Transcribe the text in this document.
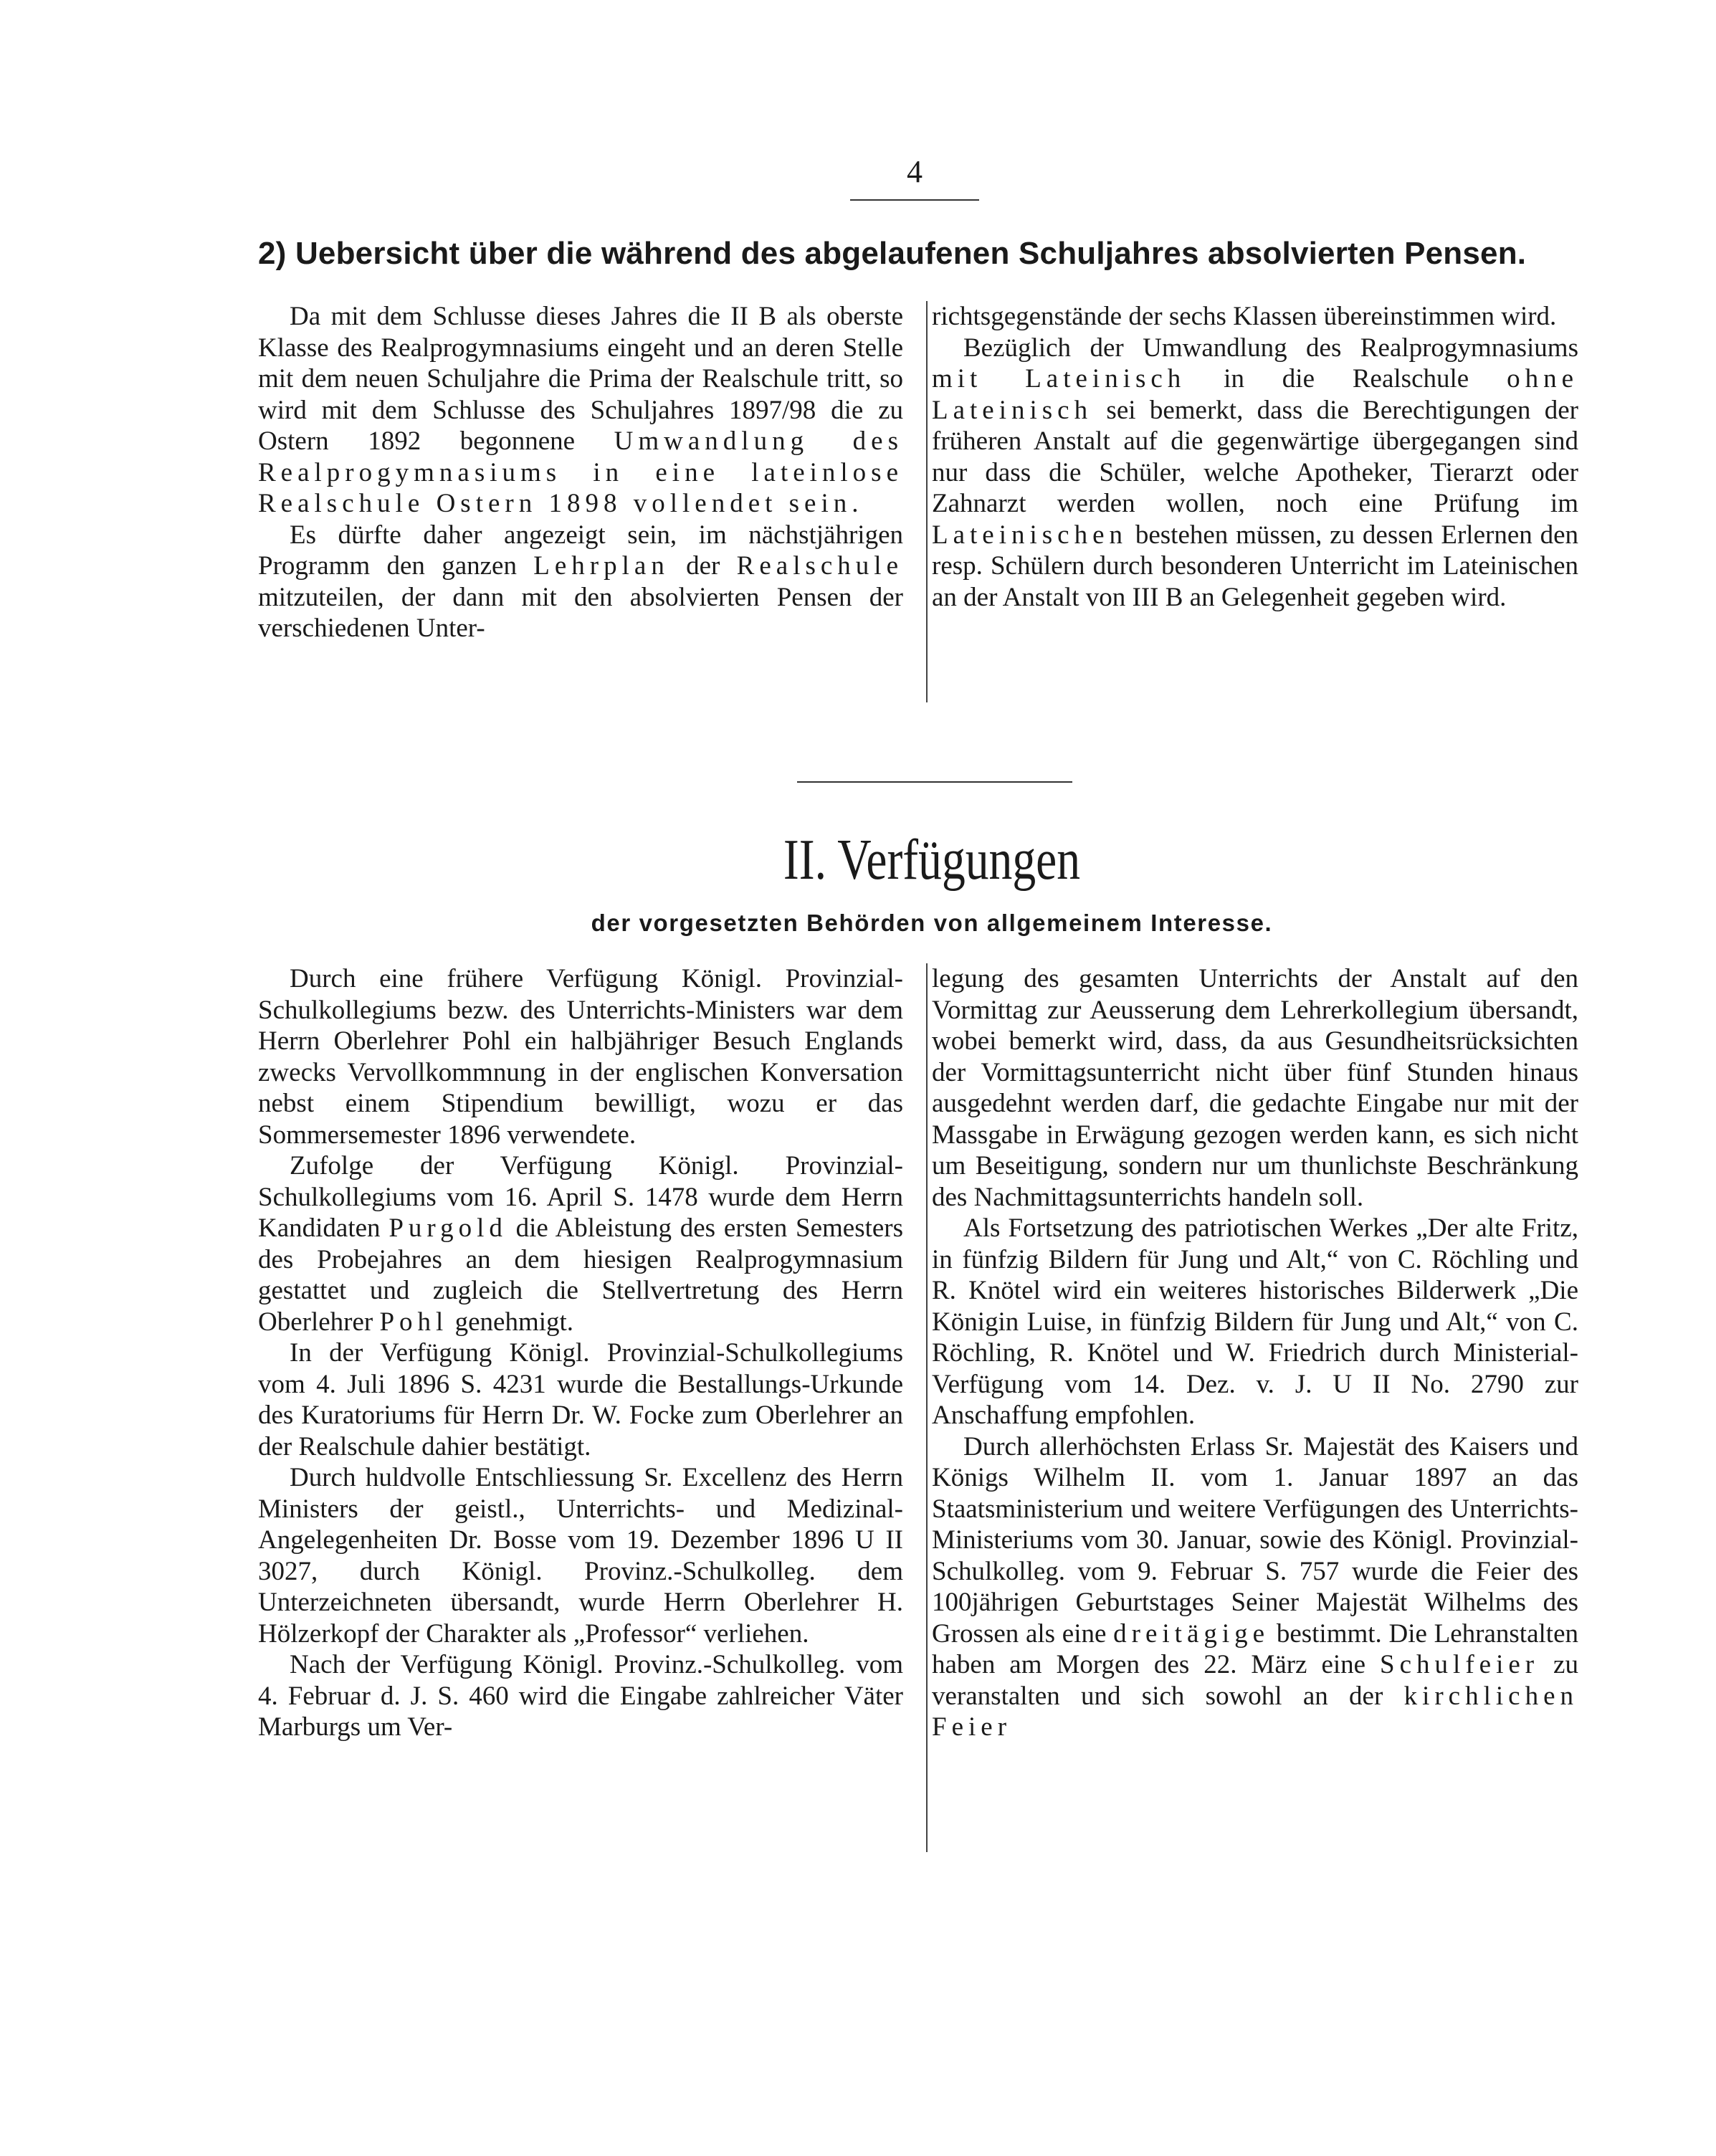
4
2) Uebersicht über die während des abgelaufenen Schuljahres absolvierten Pensen.

Da mit dem Schlusse dieses Jahres die II B als oberste Klasse des Realprogymnasiums eingeht und an deren Stelle mit dem neuen Schuljahre die Prima der Realschule tritt, so wird mit dem Schlusse des Schuljahres 1897/98 die zu Ostern 1892 begonnene Umwandlung des Realprogymnasiums in eine lateinlose Realschule Ostern 1898 vollendet sein.

Es dürfte daher angezeigt sein, im nächstjährigen Programm den ganzen Lehrplan der Realschule mitzuteilen, der dann mit den absolvierten Pensen der verschiedenen Unter-

richtsgegenstände der sechs Klassen übereinstimmen wird.

Bezüglich der Umwandlung des Realprogymnasiums mit Lateinisch in die Realschule ohne Lateinisch sei bemerkt, dass die Berechtigungen der früheren Anstalt auf die gegenwärtige übergegangen sind nur dass die Schüler, welche Apotheker, Tierarzt oder Zahnarzt werden wollen, noch eine Prüfung im Lateinischen bestehen müssen, zu dessen Erlernen den resp. Schülern durch besonderen Unterricht im Lateinischen an der Anstalt von III B an Gelegenheit gegeben wird.

II. Verfügungen
der vorgesetzten Behörden von allgemeinem Interesse.

Durch eine frühere Verfügung Königl. Provinzial-Schulkollegiums bezw. des Unterrichts-Ministers war dem Herrn Oberlehrer Pohl ein halbjähriger Besuch Englands zwecks Vervollkommnung in der englischen Konversation nebst einem Stipendium bewilligt, wozu er das Sommersemester 1896 verwendete.

Zufolge der Verfügung Königl. Provinzial-Schulkollegiums vom 16. April S. 1478 wurde dem Herrn Kandidaten Purgold die Ableistung des ersten Semesters des Probejahres an dem hiesigen Realprogymnasium gestattet und zugleich die Stellvertretung des Herrn Oberlehrer Pohl genehmigt.

In der Verfügung Königl. Provinzial-Schulkollegiums vom 4. Juli 1896 S. 4231 wurde die Bestallungs-Urkunde des Kuratoriums für Herrn Dr. W. Focke zum Oberlehrer an der Realschule dahier bestätigt.

Durch huldvolle Entschliessung Sr. Excellenz des Herrn Ministers der geistl., Unterrichts- und Medizinal-Angelegenheiten Dr. Bosse vom 19. Dezember 1896 U II 3027, durch Königl. Provinz.-Schulkolleg. dem Unterzeichneten übersandt, wurde Herrn Oberlehrer H. Hölzerkopf der Charakter als „Professor“ verliehen.

Nach der Verfügung Königl. Provinz.-Schulkolleg. vom 4. Februar d. J. S. 460 wird die Eingabe zahlreicher Väter Marburgs um Ver-

legung des gesamten Unterrichts der Anstalt auf den Vormittag zur Aeusserung dem Lehrerkollegium übersandt, wobei bemerkt wird, dass, da aus Gesundheitsrücksichten der Vormittagsunterricht nicht über fünf Stunden hinaus ausgedehnt werden darf, die gedachte Eingabe nur mit der Massgabe in Erwägung gezogen werden kann, es sich nicht um Beseitigung, sondern nur um thunlichste Beschränkung des Nachmittagsunterrichts handeln soll.

Als Fortsetzung des patriotischen Werkes „Der alte Fritz, in fünfzig Bildern für Jung und Alt,“ von C. Röchling und R. Knötel wird ein weiteres historisches Bilderwerk „Die Königin Luise, in fünfzig Bildern für Jung und Alt,“ von C. Röchling, R. Knötel und W. Friedrich durch Ministerial-Verfügung vom 14. Dez. v. J. U II No. 2790 zur Anschaffung empfohlen.

Durch allerhöchsten Erlass Sr. Majestät des Kaisers und Königs Wilhelm II. vom 1. Januar 1897 an das Staatsministerium und weitere Verfügungen des Unterrichts-Ministeriums vom 30. Januar, sowie des Königl. Provinzial-Schulkolleg. vom 9. Februar S. 757 wurde die Feier des 100jährigen Geburtstages Seiner Majestät Wilhelms des Grossen als eine dreitägige bestimmt. Die Lehranstalten haben am Morgen des 22. März eine Schulfeier zu veranstalten und sich sowohl an der kirchlichen Feier
